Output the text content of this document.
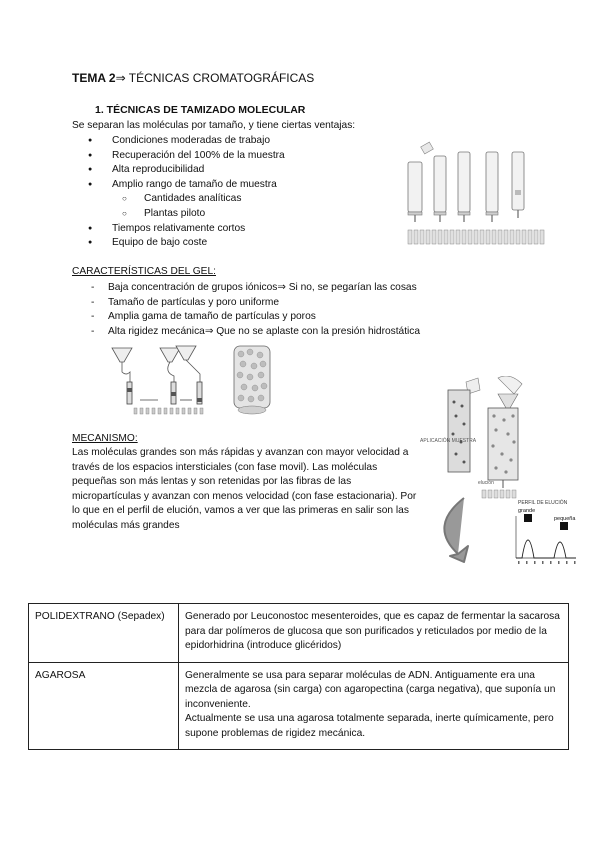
TEMA 2⇒ TÉCNICAS CROMATOGRÁFICAS
1. TÉCNICAS DE TAMIZADO MOLECULAR
Se separan las moléculas por tamaño, y tiene ciertas ventajas:
● Condiciones moderadas de trabajo
● Recuperación del 100% de la muestra
● Alta reproducibilidad
● Amplio rango de tamaño de muestra
○ Cantidades analíticas
○ Plantas piloto
● Tiempos relativamente cortos
● Equipo de bajo coste
CARACTERÍSTICAS DEL GEL:
- Baja concentración de grupos iónicos⇒ Si no, se pegarían las cosas
- Tamaño de partículas y poro uniforme
- Amplia gama de tamaño de partículas y poros
- Alta rigidez mecánica⇒ Que no se aplaste con la presión hidrostática
MECANISMO:
Las moléculas grandes son más rápidas y avanzan con mayor velocidad a través de los espacios intersticiales (con fase movil). Las moléculas pequeñas son más lentas y son retenidas por las fibras de las micropartículas y avanzan con menos velocidad (con fase estacionaria). Por lo que en el perfil de elución, vamos a ver que las primeras en salir son las moléculas más grandes
APLICACIÓN MUESTRA
elución
PERFIL DE ELUCIÓN
grande
pequeña
POLIDEXTRANO (Sepadex)	Generado por Leuconostoc mesenteroides, que es capaz de fermentar la sacarosa para dar polímeros de glucosa que son purificados y reticulados por medio de la epidorhidrina (introduce glicéridos)
AGAROSA	Generalmente se usa para separar moléculas de ADN. Antiguamente era una mezcla de agarosa (sin carga) con agaropectina (carga negativa), que suponía un inconveniente.
Actualmente se usa una agarosa totalmente separada, inerte químicamente, pero supone problemas de rigidez mecánica.
